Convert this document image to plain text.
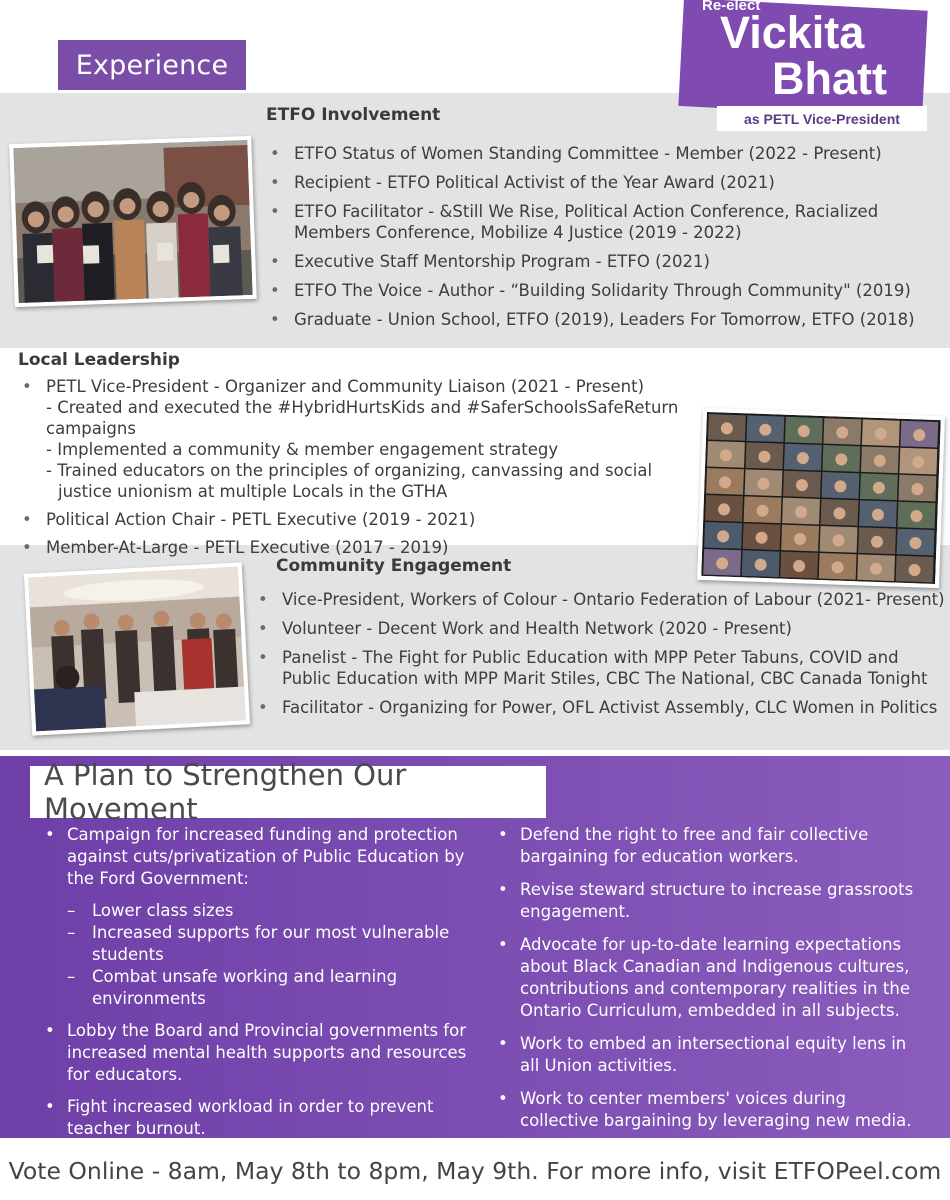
Experience
Re-elect
Vickita
Bhatt
as PETL Vice-President
ETFO Involvement
• ETFO Status of Women Standing Committee - Member (2022 - Present)
• Recipient - ETFO Political Activist of the Year Award (2021)
• ETFO Facilitator - &Still We Rise, Political Action Conference, Racialized Members Conference, Mobilize 4 Justice (2019 - 2022)
• Executive Staff Mentorship Program - ETFO (2021)
• ETFO The Voice - Author - “Building Solidarity Through Community" (2019)
• Graduate - Union School, ETFO (2019), Leaders For Tomorrow, ETFO (2018)
Local Leadership
• PETL Vice-President - Organizer and Community Liaison (2021 - Present)
- Created and executed the #HybridHurtsKids and #SaferSchoolsSafeReturn campaigns
- Implemented a community & member engagement strategy
- Trained educators on the principles of organizing, canvassing and social
justice unionism at multiple Locals in the GTHA
• Political Action Chair - PETL Executive (2019 - 2021)
• Member-At-Large - PETL Executive (2017 - 2019)
Community Engagement
• Vice-President, Workers of Colour - Ontario Federation of Labour (2021- Present)
• Volunteer - Decent Work and Health Network (2020 - Present)
• Panelist - The Fight for Public Education with MPP Peter Tabuns, COVID and Public Education with MPP Marit Stiles, CBC The National, CBC Canada Tonight
• Facilitator - Organizing for Power, OFL Activist Assembly, CLC Women in Politics
A Plan to Strengthen Our Movement
• Campaign for increased funding and protection against cuts/privatization of Public Education by the Ford Government:
– Lower class sizes
– Increased supports for our most vulnerable students
– Combat unsafe working and learning environments
• Lobby the Board and Provincial governments for increased mental health supports and resources for educators.
• Fight increased workload in order to prevent teacher burnout.
• Defend the right to free and fair collective bargaining for education workers.
• Revise steward structure to increase grassroots engagement.
• Advocate for up-to-date learning expectations about Black Canadian and Indigenous cultures, contributions and contemporary realities in the Ontario Curriculum, embedded in all subjects.
• Work to embed an intersectional equity lens in all Union activities.
• Work to center members' voices during collective bargaining by leveraging new media.
Vote Online - 8am, May 8th to 8pm, May 9th. For more info, visit ETFOPeel.com
